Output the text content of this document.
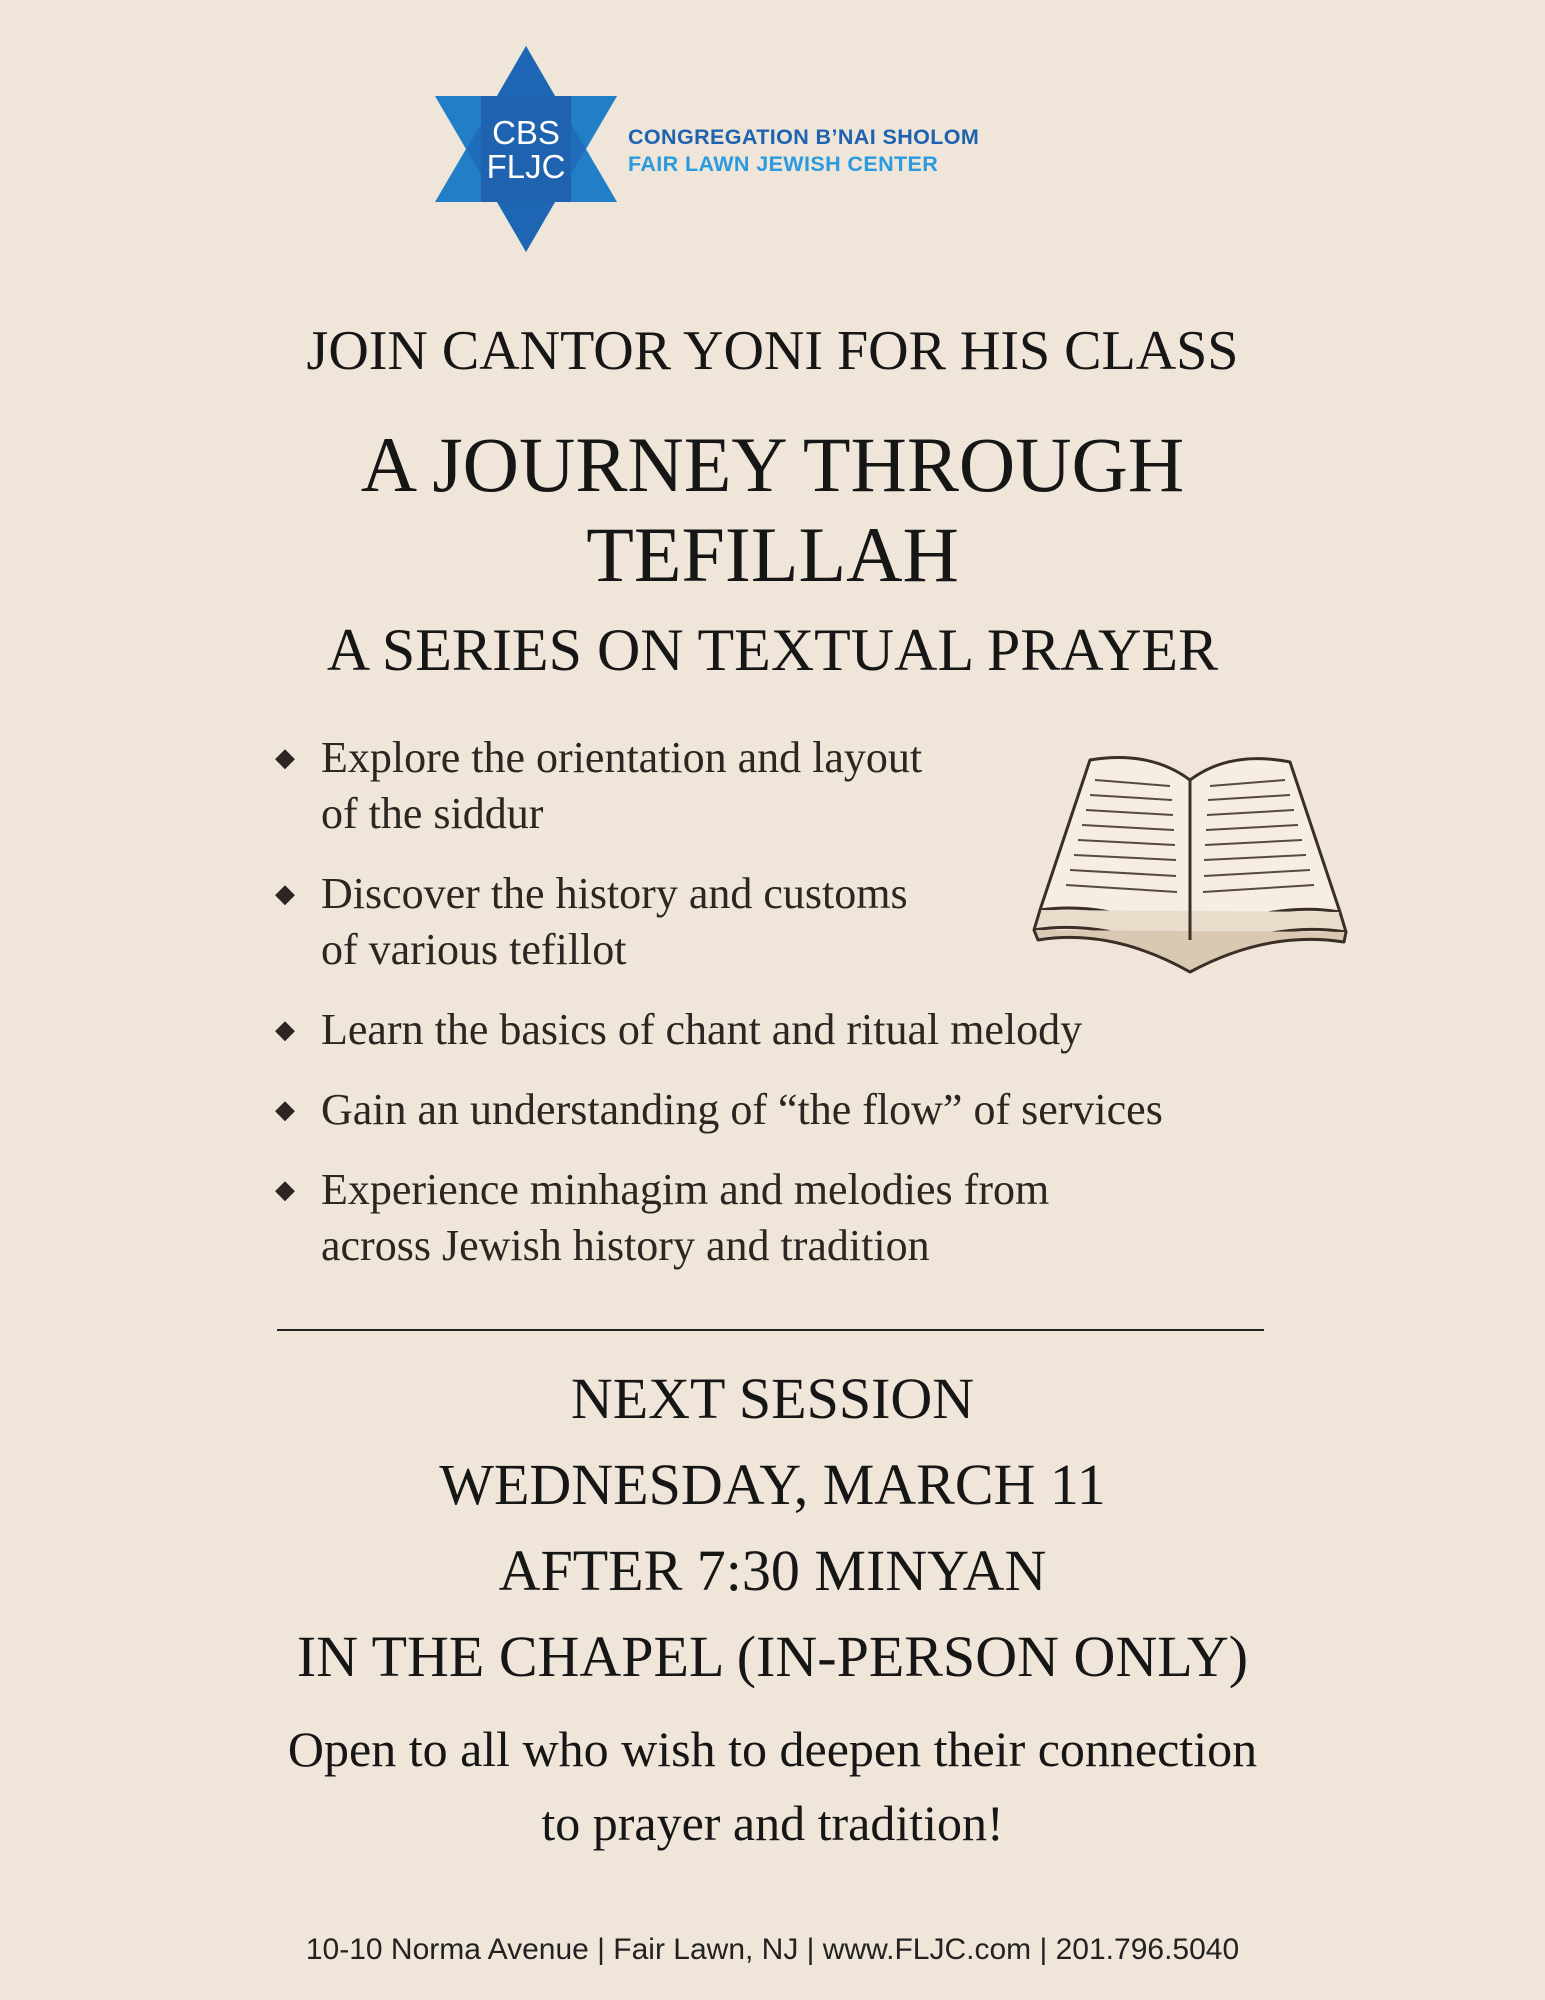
CBS
FLJC
CONGREGATION B’NAI SHOLOM
FAIR LAWN JEWISH CENTER
JOIN CANTOR YONI FOR HIS CLASS
A JOURNEY THROUGH
TEFILLAH
A SERIES ON TEXTUAL PRAYER
◆ Explore the orientation and layout
of the siddur
◆ Discover the history and customs
of various tefillot
◆ Learn the basics of chant and ritual melody
◆ Gain an understanding of “the flow” of services
◆ Experience minhagim and melodies from
across Jewish history and tradition
NEXT SESSION
WEDNESDAY, MARCH 11
AFTER 7:30 MINYAN
IN THE CHAPEL (IN-PERSON ONLY)
Open to all who wish to deepen their connection
to prayer and tradition!
10-10 Norma Avenue | Fair Lawn, NJ | www.FLJC.com | 201.796.5040
